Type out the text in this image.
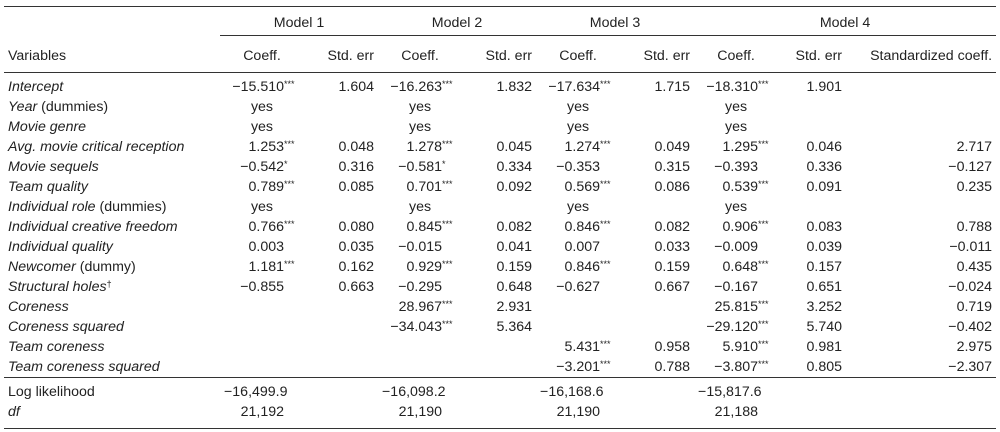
	Model 1		Model 2		Model 3		Model 4		
Variables	Coeff.	Std. err	Coeff.	Std. err	Coeff.	Std. err	Coeff.	Std. err	Standardized coeff.
Intercept	−15.510***	1.604	−16.263***	1.832	−17.634***	1.715	−18.310***	1.901	
Year (dummies)	yes		yes		yes		yes		
Movie genre	yes		yes		yes		yes		
Avg. movie critical reception	1.253***	0.048	1.278***	0.045	1.274***	0.049	1.295***	0.046	2.717
Movie sequels	−0.542*	0.316	−0.581*	0.334	−0.353	0.315	−0.393	0.336	−0.127
Team quality	0.789***	0.085	0.701***	0.092	0.569***	0.086	0.539***	0.091	0.235
Individual role (dummies)	yes		yes		yes		yes		
Individual creative freedom	0.766***	0.080	0.845***	0.082	0.846***	0.082	0.906***	0.083	0.788
Individual quality	0.003	0.035	−0.015	0.041	0.007	0.033	−0.009	0.039	−0.011
Newcomer (dummy)	1.181***	0.162	0.929***	0.159	0.846***	0.159	0.648***	0.157	0.435
Structural holes†	−0.855	0.663	−0.295	0.648	−0.627	0.667	−0.167	0.651	−0.024
Coreness			28.967***	2.931			25.815***	3.252	0.719
Coreness squared			−34.043***	5.364			−29.120***	5.740	−0.402
Team coreness					5.431***	0.958	5.910***	0.981	2.975
Team coreness squared					−3.201***	0.788	−3.807***	0.805	−2.307
Log likelihood	−16,499.9		−16,098.2		−16,168.6		−15,817.6		
df	21,192		21,190		21,190		21,188		
